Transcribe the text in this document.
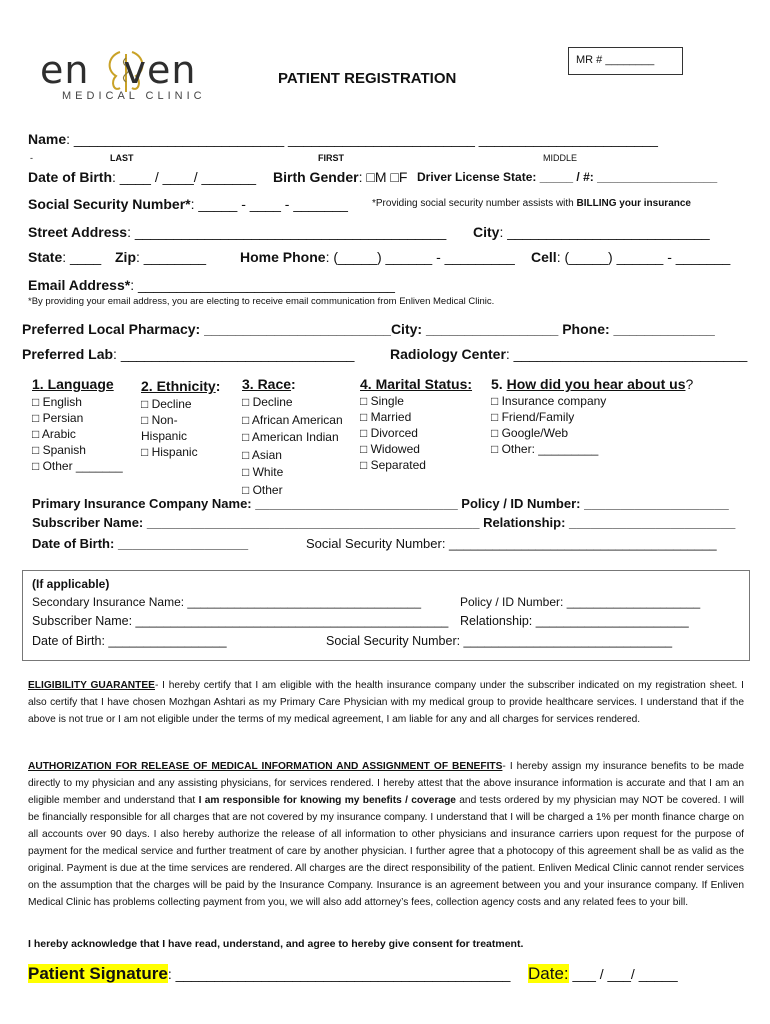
en ven
MEDICAL CLINIC
PATIENT REGISTRATION
MR # ________
Name: ___________________________ ________________________ _______________________
-	LAST	FIRST	MIDDLE
Date of Birth: ____ / ____/ _______ Birth Gender: □M □F Driver License State: _____ / #: __________________
Social Security Number*: _____ - ____ - _______ *Providing social security number assists with BILLING your insurance
Street Address: ________________________________________ City: __________________________
State: ____ Zip: ________ Home Phone: (_____) ______ - _________ Cell: (_____) ______ - _______
Email Address*: _________________________________
*By providing your email address, you are electing to receive email communication from Enliven Medical Clinic.
Preferred Local Pharmacy: ________________________City: _________________ Phone: _____________
Preferred Lab: ______________________________	Radiology Center: ______________________________
1. Language
□ English
□ Persian
□ Arabic
□ Spanish
□ Other _______
2. Ethnicity:
□ Decline
□ Non-
Hispanic
□ Hispanic
3. Race:
□ Decline
□ African American
□ American Indian
□ Asian
□ White
□ Other
4. Marital Status:
□ Single
□ Married
□ Divorced
□ Widowed
□ Separated
5. How did you hear about us?
□ Insurance company
□ Friend/Family
□ Google/Web
□ Other: _________
Primary Insurance Company Name: ____________________________ Policy / ID Number: ____________________
Subscriber Name: ______________________________________________ Relationship: _______________________
Date of Birth: __________________	Social Security Number: _____________________________________
(If applicable)
Secondary Insurance Name: ___________________________________	Policy / ID Number: ____________________
Subscriber Name: _____________________________________________ Relationship: ______________________
Date of Birth: _________________	Social Security Number: ______________________________
ELIGIBILITY GUARANTEE- I hereby certify that I am eligible with the health insurance company under the subscriber indicated on my registration sheet. I also certify that I have chosen Mozhgan Ashtari as my Primary Care Physician with my medical group to provide healthcare services. I understand that if the above is not true or I am not eligible under the terms of my medical agreement, I am liable for any and all charges for services rendered.
AUTHORIZATION FOR RELEASE OF MEDICAL INFORMATION AND ASSIGNMENT OF BENEFITS- I hereby assign my insurance benefits to be made directly to my physician and any assisting physicians, for services rendered. I hereby attest that the above insurance information is accurate and that I am an eligible member and understand that I am responsible for knowing my benefits / coverage and tests ordered by my physician may NOT be covered. I will be financially responsible for all charges that are not covered by my insurance company. I understand that I will be charged a 1% per month finance charge on all accounts over 90 days. I also hereby authorize the release of all information to other physicians and insurance carriers upon request for the purpose of payment for the medical service and further treatment of care by another physician. I further agree that a photocopy of this agreement shall be as valid as the original. Payment is due at the time services are rendered. All charges are the direct responsibility of the patient. Enliven Medical Clinic cannot render services on the assumption that the charges will be paid by the Insurance Company. Insurance is an agreement between you and your insurance company. If Enliven Medical Clinic has problems collecting payment from you, we will also add attorney’s fees, collection agency costs and any related fees to your bill.
I hereby acknowledge that I have read, understand, and agree to hereby give consent for treatment.
Patient Signature: ___________________________________________ Date: ___ / ___/ _____
